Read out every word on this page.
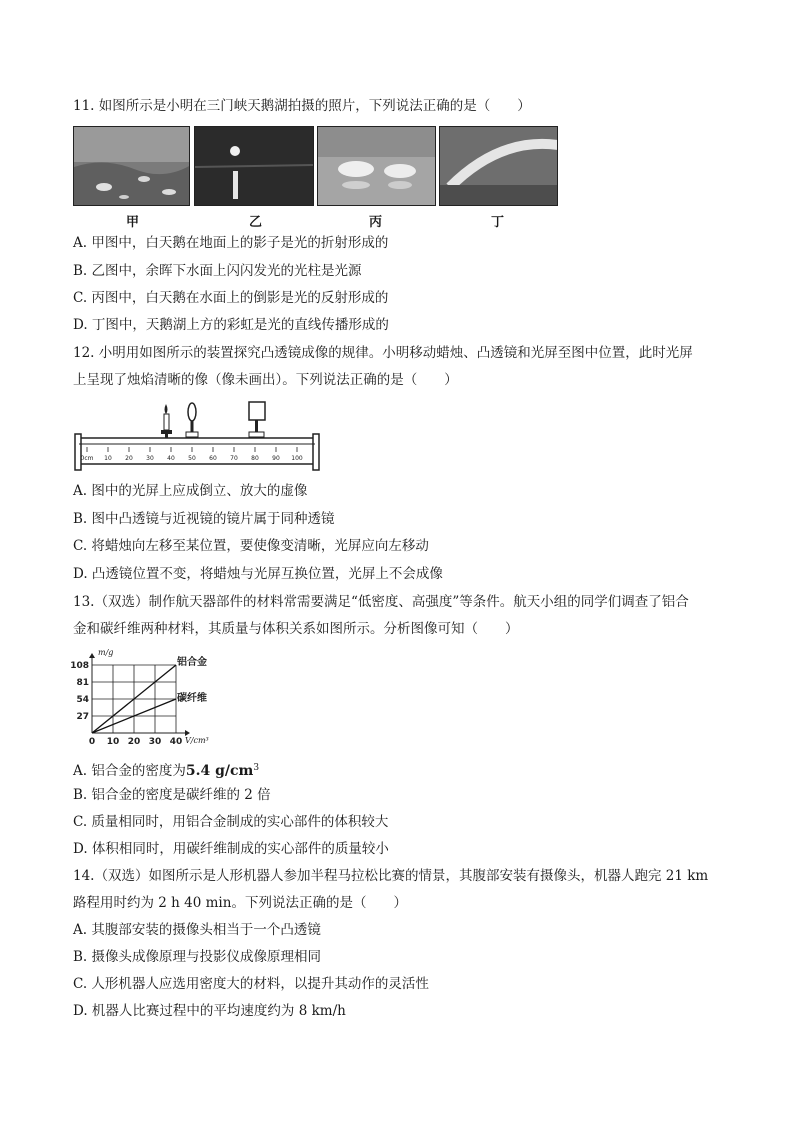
11. 如图所示是小明在三门峡天鹅湖拍摄的照片，下列说法正确的是（　　）
甲	乙	丙	丁
A. 甲图中，白天鹅在地面上的影子是光的折射形成的
B. 乙图中，余晖下水面上闪闪发光的光柱是光源
C. 丙图中，白天鹅在水面上的倒影是光的反射形成的
D. 丁图中，天鹅湖上方的彩虹是光的直线传播形成的
12. 小明用如图所示的装置探究凸透镜成像的规律。小明移动蜡烛、凸透镜和光屏至图中位置，此时光屏
上呈现了烛焰清晰的像（像未画出）。下列说法正确的是（　　）
0cm 10 20 30 40 50 60 70 80 90 100
A. 图中的光屏上应成倒立、放大的虚像
B. 图中凸透镜与近视镜的镜片属于同种透镜
C. 将蜡烛向左移至某位置，要使像变清晰，光屏应向左移动
D. 凸透镜位置不变，将蜡烛与光屏互换位置，光屏上不会成像
13.（双选）制作航天器部件的材料常需要满足“低密度、高强度”等条件。航天小组的同学们调查了铝合
金和碳纤维两种材料，其质量与体积关系如图所示。分析图像可知（　　）
0 10 20 30 40
27
54
81
108
m/g
V/cm³
铝合金
碳纤维
A. 铝合金的密度为5.4 $g/cm^3$
B. 铝合金的密度是碳纤维的 2 倍
C. 质量相同时，用铝合金制成的实心部件的体积较大
D. 体积相同时，用碳纤维制成的实心部件的质量较小
14.（双选）如图所示是人形机器人参加半程马拉松比赛的情景，其腹部安装有摄像头，机器人跑完 21 km
路程用时约为 2 h 40 min。下列说法正确的是（　　）
A. 其腹部安装的摄像头相当于一个凸透镜
B. 摄像头成像原理与投影仪成像原理相同
C. 人形机器人应选用密度大的材料，以提升其动作的灵活性
D. 机器人比赛过程中的平均速度约为 8 km/h
